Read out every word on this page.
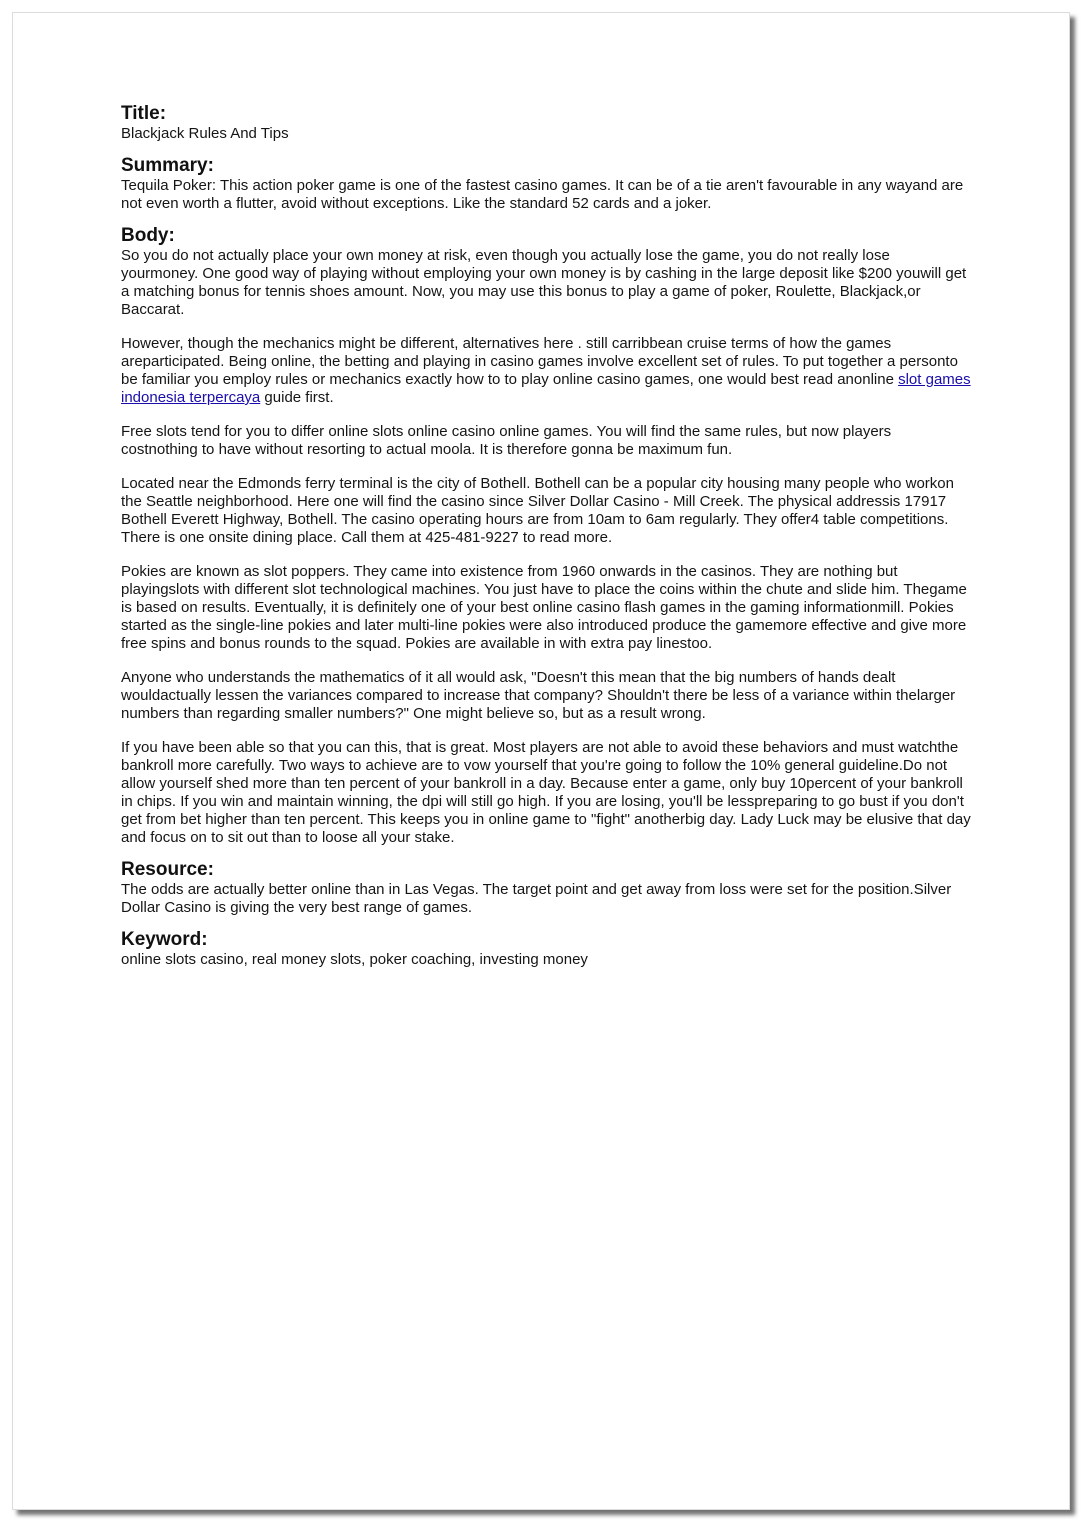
Title:

Blackjack Rules And Tips

Summary:

Tequila Poker: This action poker game is one of the fastest casino games. It can be of a tie aren't favourable in any wayand are not even worth a flutter, avoid without exceptions. Like the standard 52 cards and a joker.

Body:

So you do not actually place your own money at risk, even though you actually lose the game, you do not really lose yourmoney. One good way of playing without employing your own money is by cashing in the large deposit like $200 youwill get a matching bonus for tennis shoes amount. Now, you may use this bonus to play a game of poker, Roulette, Blackjack,or Baccarat.

However, though the mechanics might be different, alternatives here . still carribbean cruise terms of how the games areparticipated. Being online, the betting and playing in casino games involve excellent set of rules. To put together a personto be familiar you employ rules or mechanics exactly how to to play online casino games, one would best read anonline slot games indonesia terpercaya guide first.

Free slots tend for you to differ online slots online casino online games. You will find the same rules, but now players costnothing to have without resorting to actual moola. It is therefore gonna be maximum fun.

Located near the Edmonds ferry terminal is the city of Bothell. Bothell can be a popular city housing many people who workon the Seattle neighborhood. Here one will find the casino since Silver Dollar Casino - Mill Creek. The physical addressis 17917 Bothell Everett Highway, Bothell. The casino operating hours are from 10am to 6am regularly. They offer4 table competitions. There is one onsite dining place. Call them at 425-481-9227 to read more.

Pokies are known as slot poppers. They came into existence from 1960 onwards in the casinos. They are nothing but playingslots with different slot technological machines. You just have to place the coins within the chute and slide him. Thegame is based on results. Eventually, it is definitely one of your best online casino flash games in the gaming informationmill. Pokies started as the single-line pokies and later multi-line pokies were also introduced produce the gamemore effective and give more free spins and bonus rounds to the squad. Pokies are available in with extra pay linestoo.

Anyone who understands the mathematics of it all would ask, "Doesn't this mean that the big numbers of hands dealt wouldactually lessen the variances compared to increase that company? Shouldn't there be less of a variance within thelarger numbers than regarding smaller numbers?" One might believe so, but as a result wrong.

If you have been able so that you can this, that is great. Most players are not able to avoid these behaviors and must watchthe bankroll more carefully. Two ways to achieve are to vow yourself that you're going to follow the 10% general guideline.Do not allow yourself shed more than ten percent of your bankroll in a day. Because enter a game, only buy 10percent of your bankroll in chips. If you win and maintain winning, the dpi will still go high. If you are losing, you'll be lesspreparing to go bust if you don't get from bet higher than ten percent. This keeps you in online game to "fight" anotherbig day. Lady Luck may be elusive that day and focus on to sit out than to loose all your stake.

Resource:

The odds are actually better online than in Las Vegas. The target point and get away from loss were set for the position.Silver Dollar Casino is giving the very best range of games.

Keyword:

online slots casino, real money slots, poker coaching, investing money
